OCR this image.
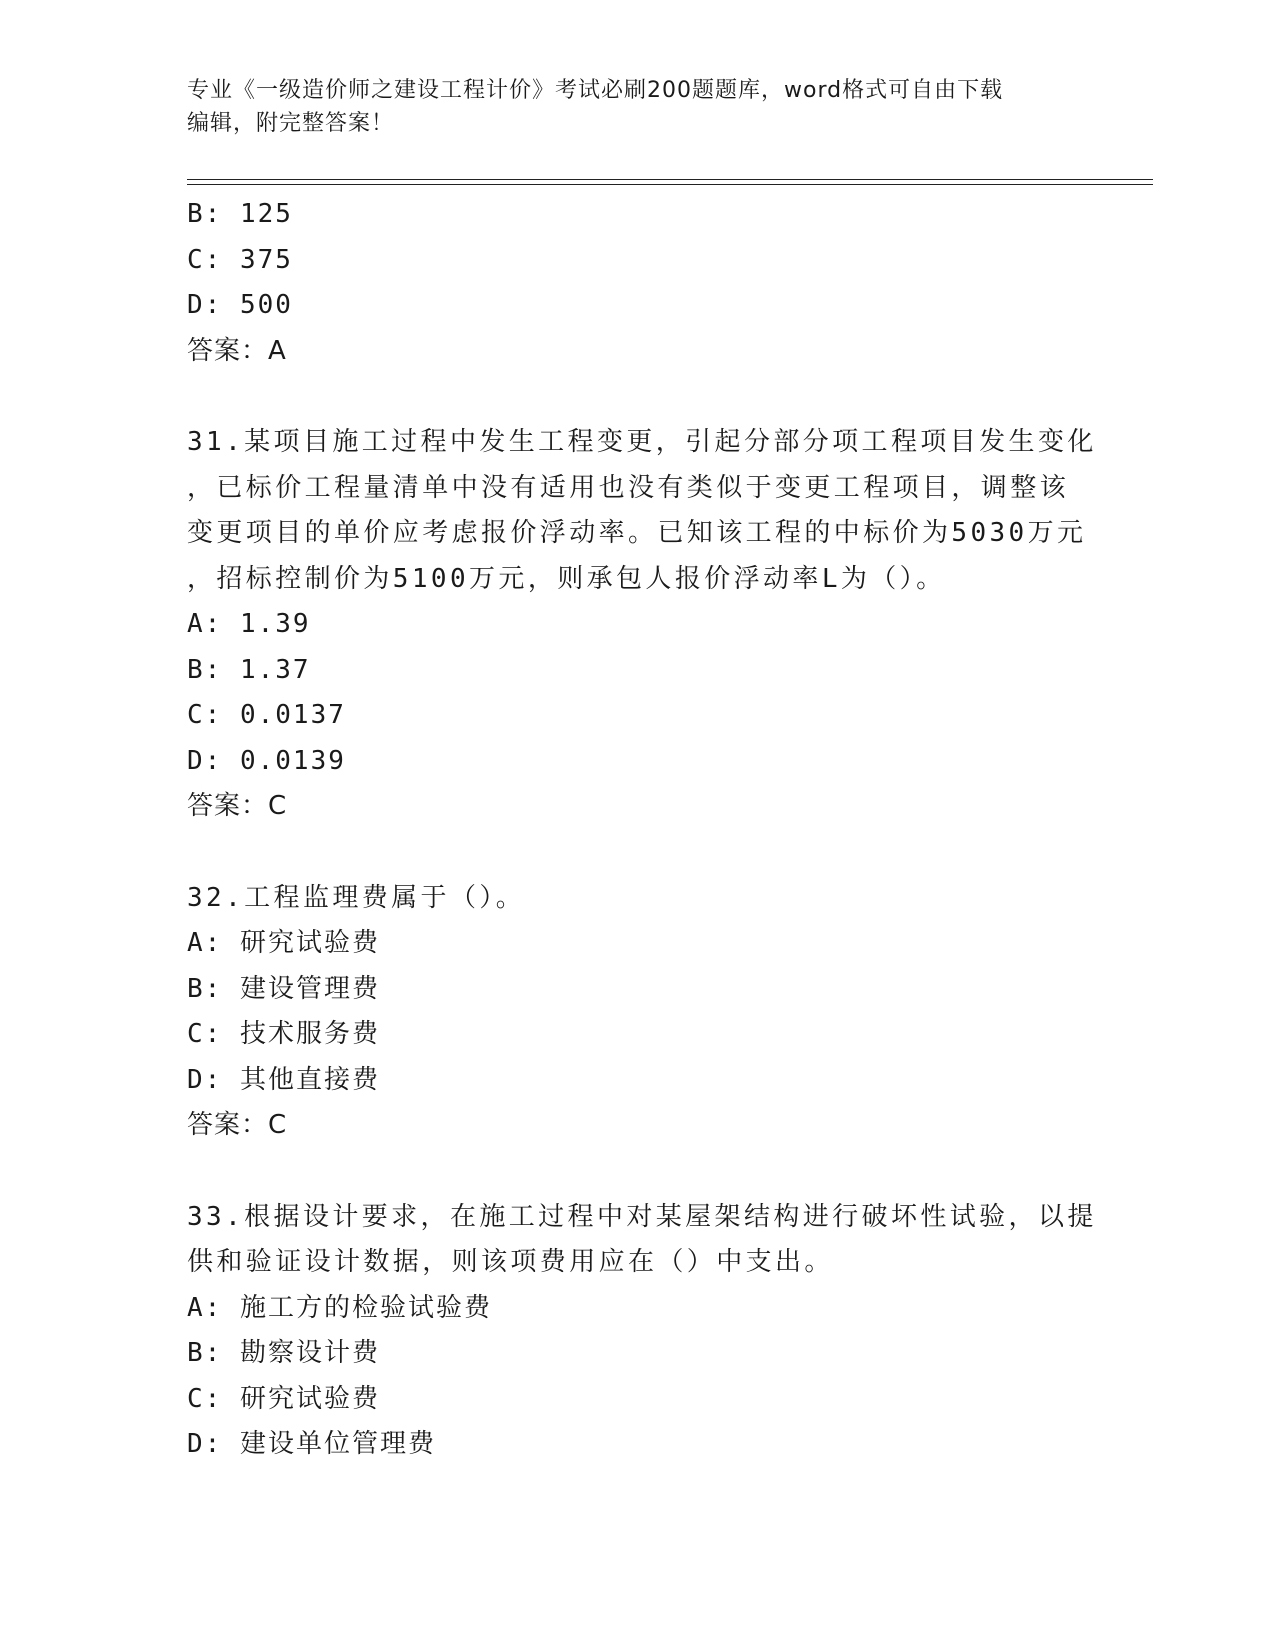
专业《一级造价师之建设工程计价》考试必刷200题题库，word格式可自由下载
编辑，附完整答案！
B: 125
C: 375
D: 500
答案：A
31.某项目施工过程中发生工程变更，引起分部分项工程项目发生变化
，已标价工程量清单中没有适用也没有类似于变更工程项目，调整该
变更项目的单价应考虑报价浮动率。已知该工程的中标价为5030万元
，招标控制价为5100万元，则承包人报价浮动率L为（）。
A: 1.39
B: 1.37
C: 0.0137
D: 0.0139
答案：C
32.工程监理费属于（）。
A: 研究试验费
B: 建设管理费
C: 技术服务费
D: 其他直接费
答案：C
33.根据设计要求，在施工过程中对某屋架结构进行破坏性试验，以提
供和验证设计数据，则该项费用应在（）中支出。
A: 施工方的检验试验费
B: 勘察设计费
C: 研究试验费
D: 建设单位管理费
